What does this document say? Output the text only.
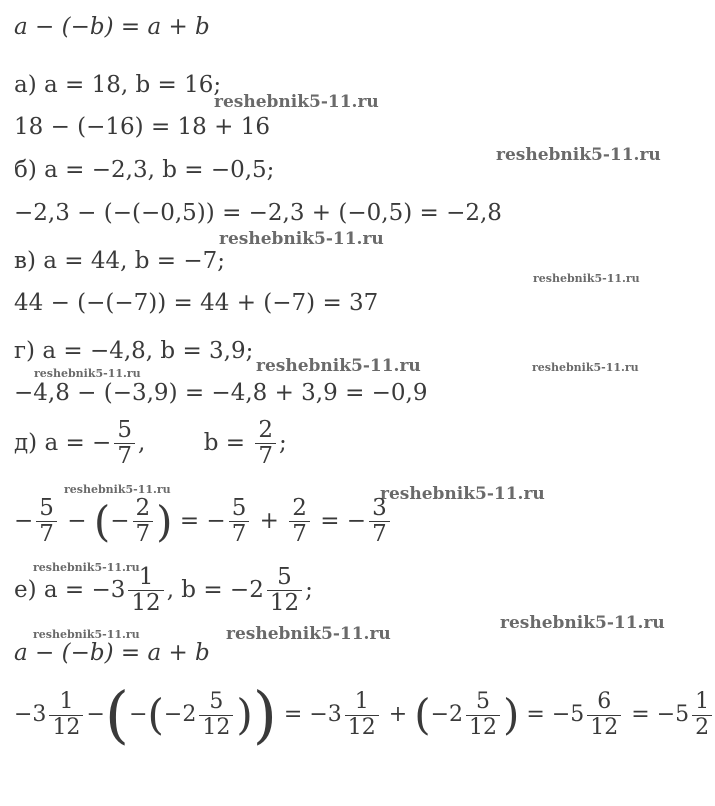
reshebnik5-11.ru
reshebnik5-11.ru
reshebnik5-11.ru
reshebnik5-11.ru
reshebnik5-11.ru	reshebnik5-11.ru
reshebnik5-11.ru
reshebnik5-11.ru	reshebnik5-11.ru
reshebnik5-11.ru
reshebnik5-11.ru
reshebnik5-11.ru	reshebnik5-11.ru
a − (−b) = a + b
а) a = 18, b = 16;
18 − (−16) = 18 + 16
б) a = −2,3, b = −0,5;
−2,3 − (−(−0,5)) = −2,3 + (−0,5) = −2,8
в) a = 44, b = −7;
44 − (−(−7)) = 44 + (−7) = 37
г) a = −4,8, b = 3,9;
−4,8 − (−3,9) = −4,8 + 3,9 = −0,9
д) a = − $\frac{5}{7}$ ,        $b = \frac{2}{7}$ ;
− $\frac{5}{7}$ − (− $\frac{2}{7}$ ) = − $\frac{5}{7} + \frac{2}{7}$ = − $\frac{3}{7}$
е) $a = -3 \frac{1}{12}$ , $b = -2 \frac{5}{12}$ ;
a − (−b) = a + b
$-3 \frac{1}{12} -(-(-2 \frac{5}{12}$ )) = $-3 \frac{1}{12} + (-2 \frac{5}{12}$ ) = $-5 \frac{6}{12} = -5 \frac{1}{2}$
